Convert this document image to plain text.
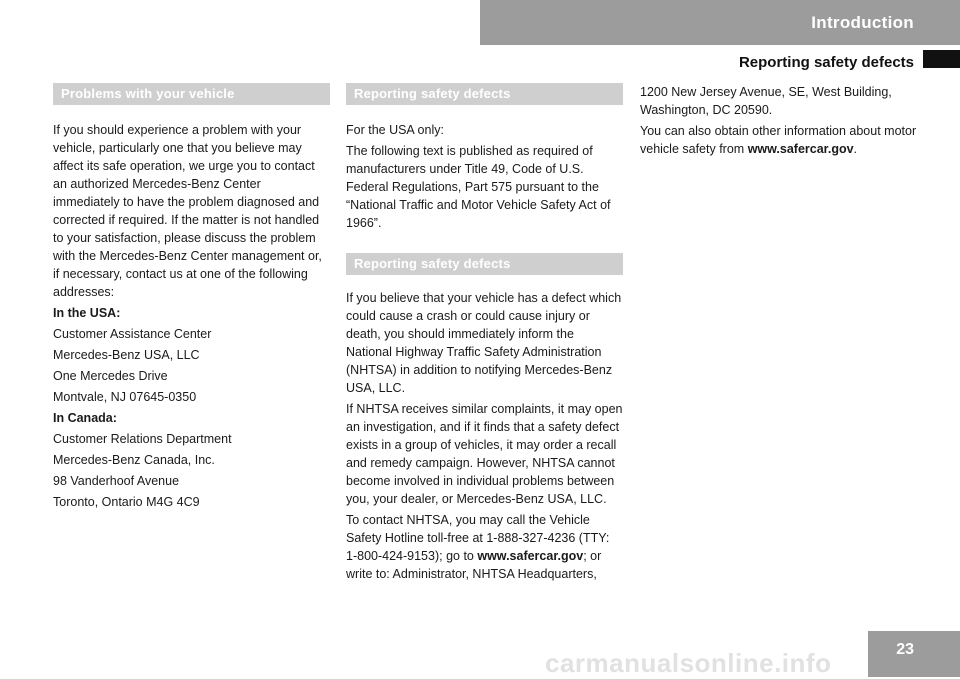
Introduction
Reporting safety defects
Problems with your vehicle

If you should experience a problem with your vehicle, particularly one that you believe may affect its safe operation, we urge you to contact an authorized Mercedes-Benz Center immediately to have the problem diagnosed and corrected if required. If the matter is not handled to your satisfaction, please discuss the problem with the Mercedes-Benz Center management or, if necessary, contact us at one of the following addresses:

In the USA:

Customer Assistance Center

Mercedes-Benz USA, LLC

One Mercedes Drive

Montvale, NJ 07645-0350

In Canada:

Customer Relations Department

Mercedes-Benz Canada, Inc.

98 Vanderhoof Avenue

Toronto, Ontario M4G 4C9

Reporting safety defects

For the USA only:

The following text is published as required of manufacturers under Title 49, Code of U.S. Federal Regulations, Part 575 pursuant to the “National Traffic and Motor Vehicle Safety Act of 1966”.

Reporting safety defects

If you believe that your vehicle has a defect which could cause a crash or could cause injury or death, you should immediately inform the National Highway Traffic Safety Administration (NHTSA) in addition to notifying Mercedes-Benz USA, LLC.

If NHTSA receives similar complaints, it may open an investigation, and if it finds that a safety defect exists in a group of vehicles, it may order a recall and remedy campaign. However, NHTSA cannot become involved in individual problems between you, your dealer, or Mercedes-Benz USA, LLC.

To contact NHTSA, you may call the Vehicle Safety Hotline toll-free at 1-888-327-4236 (TTY: 1-800-424-9153); go to www.safercar.gov; or write to: Administrator, NHTSA Headquarters,

1200 New Jersey Avenue, SE, West Building, Washington, DC 20590.

You can also obtain other information about motor vehicle safety from www.safercar.gov.

23
carmanualsonline.info
